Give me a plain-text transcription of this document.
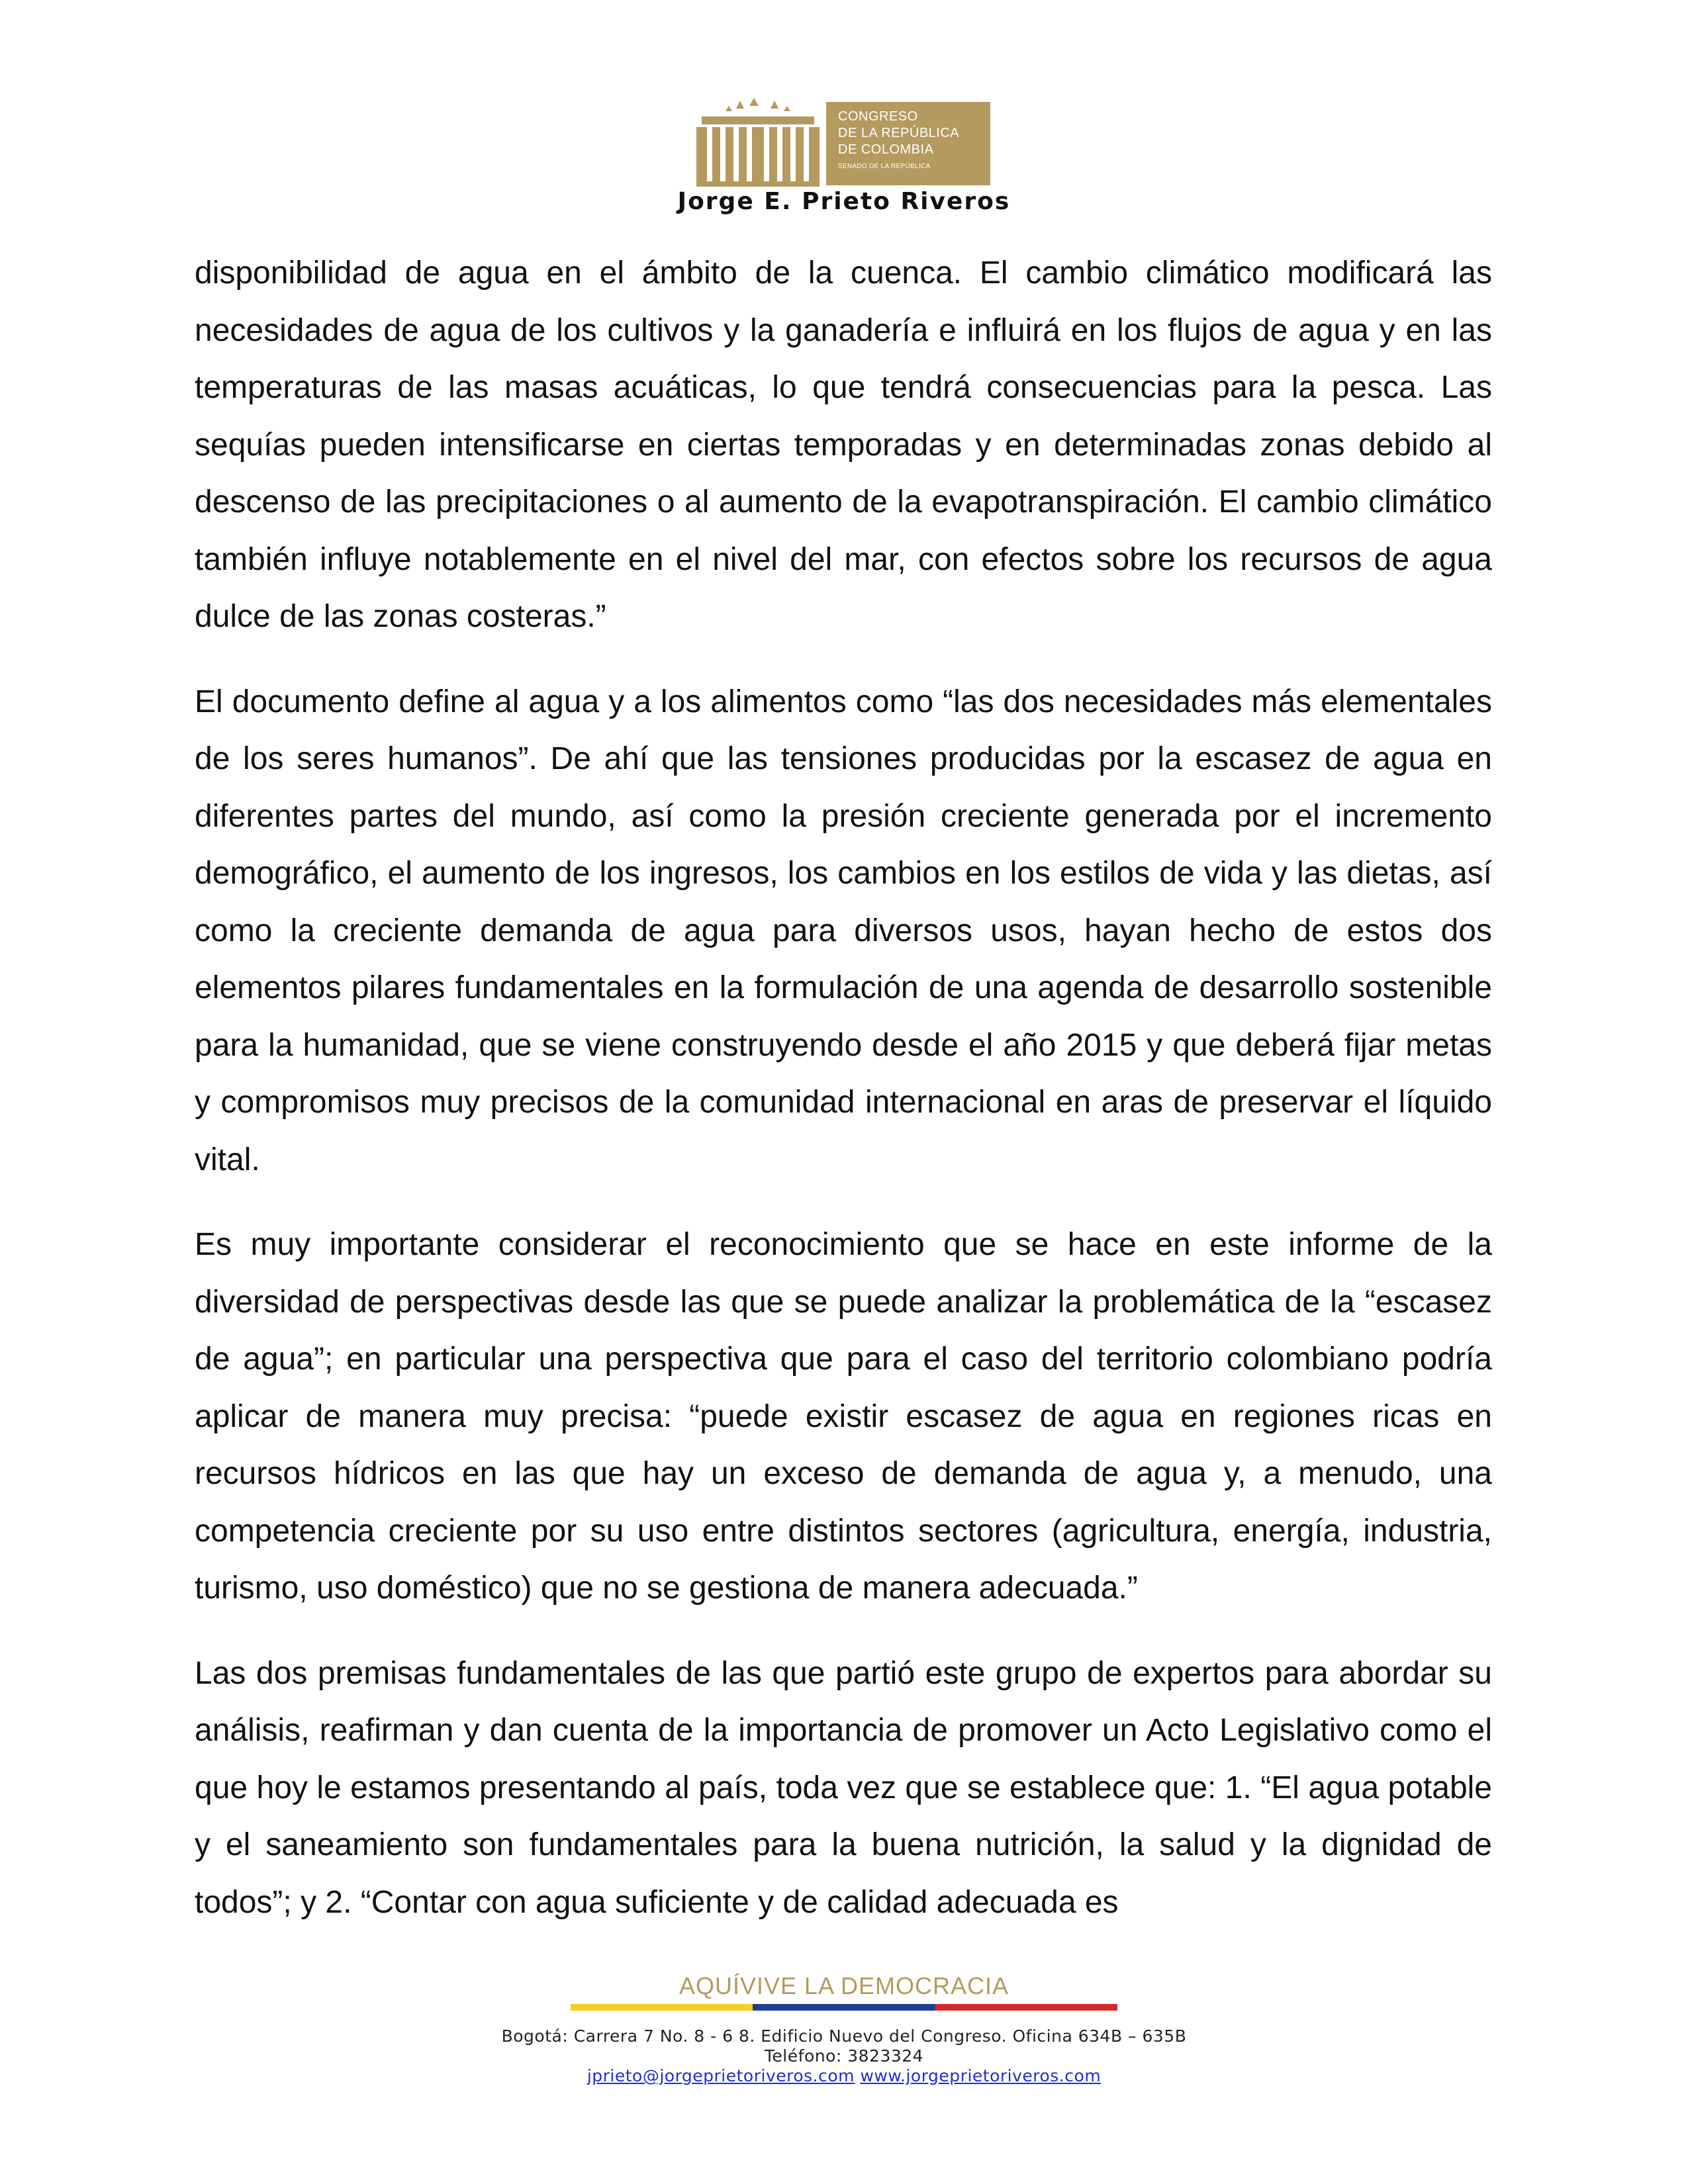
CONGRESO
DE LA REPÚBLICA
DE COLOMBIA
SENADO DE LA REPÚBLICA
Jorge E. Prieto Riveros

disponibilidad de agua en el ámbito de la cuenca. El cambio climático modificará las necesidades de agua de los cultivos y la ganadería e influirá en los flujos de agua y en las temperaturas de las masas acuáticas, lo que tendrá consecuencias para la pesca. Las sequías pueden intensificarse en ciertas temporadas y en determinadas zonas debido al descenso de las precipitaciones o al aumento de la evapotranspiración. El cambio climático también influye notablemente en el nivel del mar, con efectos sobre los recursos de agua dulce de las zonas costeras.”

El documento define al agua y a los alimentos como “las dos necesidades más elementales de los seres humanos”. De ahí que las tensiones producidas por la escasez de agua en diferentes partes del mundo, así como la presión creciente generada por el incremento demográfico, el aumento de los ingresos, los cambios en los estilos de vida y las dietas, así como la creciente demanda de agua para diversos usos, hayan hecho de estos dos elementos pilares fundamentales en la formulación de una agenda de desarrollo sostenible para la humanidad, que se viene construyendo desde el año 2015 y que deberá fijar metas y compromisos muy precisos de la comunidad internacional en aras de preservar el líquido vital.

Es muy importante considerar el reconocimiento que se hace en este informe de la diversidad de perspectivas desde las que se puede analizar la problemática de la “escasez de agua”; en particular una perspectiva que para el caso del territorio colombiano podría aplicar de manera muy precisa: “puede existir escasez de agua en regiones ricas en recursos hídricos en las que hay un exceso de demanda de agua y, a menudo, una competencia creciente por su uso entre distintos sectores (agricultura, energía, industria, turismo, uso doméstico) que no se gestiona de manera adecuada.”

Las dos premisas fundamentales de las que partió este grupo de expertos para abordar su análisis, reafirman y dan cuenta de la importancia de promover un Acto Legislativo como el que hoy le estamos presentando al país, toda vez que se establece que: 1. “El agua potable y el saneamiento son fundamentales para la buena nutrición, la salud y la dignidad de todos”; y 2. “Contar con agua suficiente y de calidad adecuada es

AQUÍVIVE LA DEMOCRACIA
Bogotá: Carrera 7 No. 8 - 6 8. Edificio Nuevo del Congreso. Oficina 634B – 635B
Teléfono: 3823324
jprieto@jorgeprietoriveros.com www.jorgeprietoriveros.com
